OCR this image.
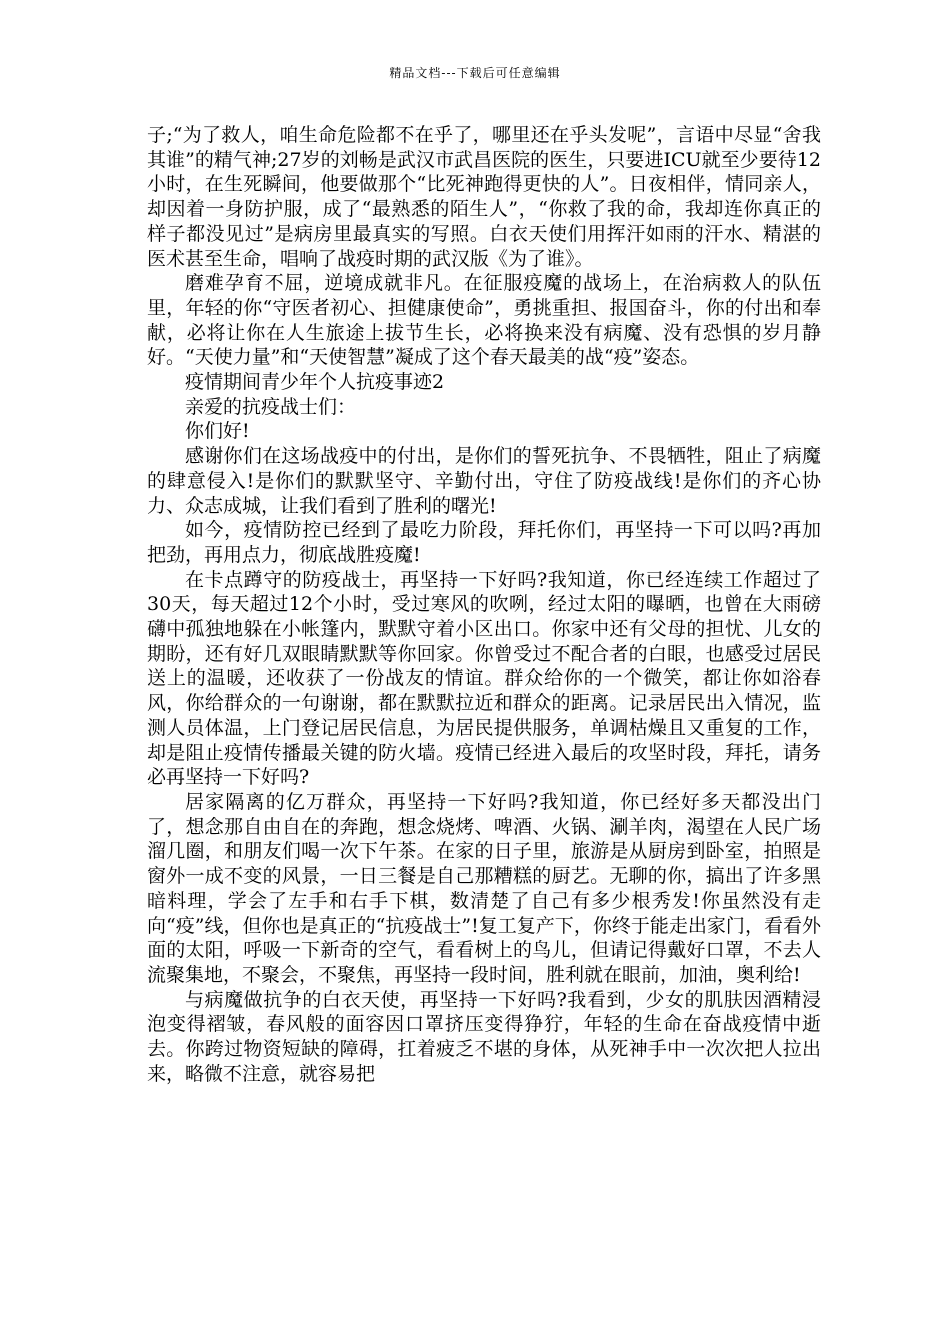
精品文档---下载后可任意编辑

子;“为了救人，咱生命危险都不在乎了，哪里还在乎头发呢”，言语中尽显“舍我其谁”的精气神;27岁的刘畅是武汉市武昌医院的医生，只要进ICU就至少要待12小时，在生死瞬间，他要做那个“比死神跑得更快的人”。日夜相伴，情同亲人，却因着一身防护服，成了“最熟悉的陌生人”，“你救了我的命，我却连你真正的样子都没见过”是病房里最真实的写照。白衣天使们用挥汗如雨的汗水、精湛的医术甚至生命，唱响了战疫时期的武汉版《为了谁》。

磨难孕育不屈，逆境成就非凡。在征服疫魔的战场上，在治病救人的队伍里，年轻的你“守医者初心、担健康使命”，勇挑重担、报国奋斗，你的付出和奉献，必将让你在人生旅途上拔节生长，必将换来没有病魔、没有恐惧的岁月静好。“天使力量”和“天使智慧”凝成了这个春天最美的战“疫”姿态。

疫情期间青少年个人抗疫事迹2

亲爱的抗疫战士们：

你们好!

感谢你们在这场战疫中的付出，是你们的誓死抗争、不畏牺牲，阻止了病魔的肆意侵入!是你们的默默坚守、辛勤付出，守住了防疫战线!是你们的齐心协力、众志成城，让我们看到了胜利的曙光!

如今，疫情防控已经到了最吃力阶段，拜托你们，再坚持一下可以吗?再加把劲，再用点力，彻底战胜疫魔!

在卡点蹲守的防疫战士，再坚持一下好吗?我知道，你已经连续工作超过了30天，每天超过12个小时，受过寒风的吹咧，经过太阳的曝晒，也曾在大雨磅礴中孤独地躲在小帐篷内，默默守着小区出口。你家中还有父母的担忧、儿女的期盼，还有好几双眼睛默默等你回家。你曾受过不配合者的白眼，也感受过居民送上的温暖，还收获了一份战友的情谊。群众给你的一个微笑，都让你如浴春风，你给群众的一句谢谢，都在默默拉近和群众的距离。记录居民出入情况，监测人员体温，上门登记居民信息，为居民提供服务，单调枯燥且又重复的工作，却是阻止疫情传播最关键的防火墙。疫情已经进入最后的攻坚时段，拜托，请务必再坚持一下好吗?

居家隔离的亿万群众，再坚持一下好吗?我知道，你已经好多天都没出门了，想念那自由自在的奔跑，想念烧烤、啤酒、火锅、涮羊肉，渴望在人民广场溜几圈，和朋友们喝一次下午茶。在家的日子里，旅游是从厨房到卧室，拍照是窗外一成不变的风景，一日三餐是自己那糟糕的厨艺。无聊的你，搞出了许多黑暗料理，学会了左手和右手下棋，数清楚了自己有多少根秀发!你虽然没有走向“疫”线，但你也是真正的“抗疫战士”!复工复产下，你终于能走出家门，看看外面的太阳，呼吸一下新奇的空气，看看树上的鸟儿，但请记得戴好口罩，不去人流聚集地，不聚会，不聚焦，再坚持一段时间，胜利就在眼前，加油，奥利给!

与病魔做抗争的白衣天使，再坚持一下好吗?我看到，少女的肌肤因酒精浸泡变得褶皱，春风般的面容因口罩挤压变得狰狞，年轻的生命在奋战疫情中逝去。你跨过物资短缺的障碍，扛着疲乏不堪的身体，从死神手中一次次把人拉出来，略微不注意，就容易把
